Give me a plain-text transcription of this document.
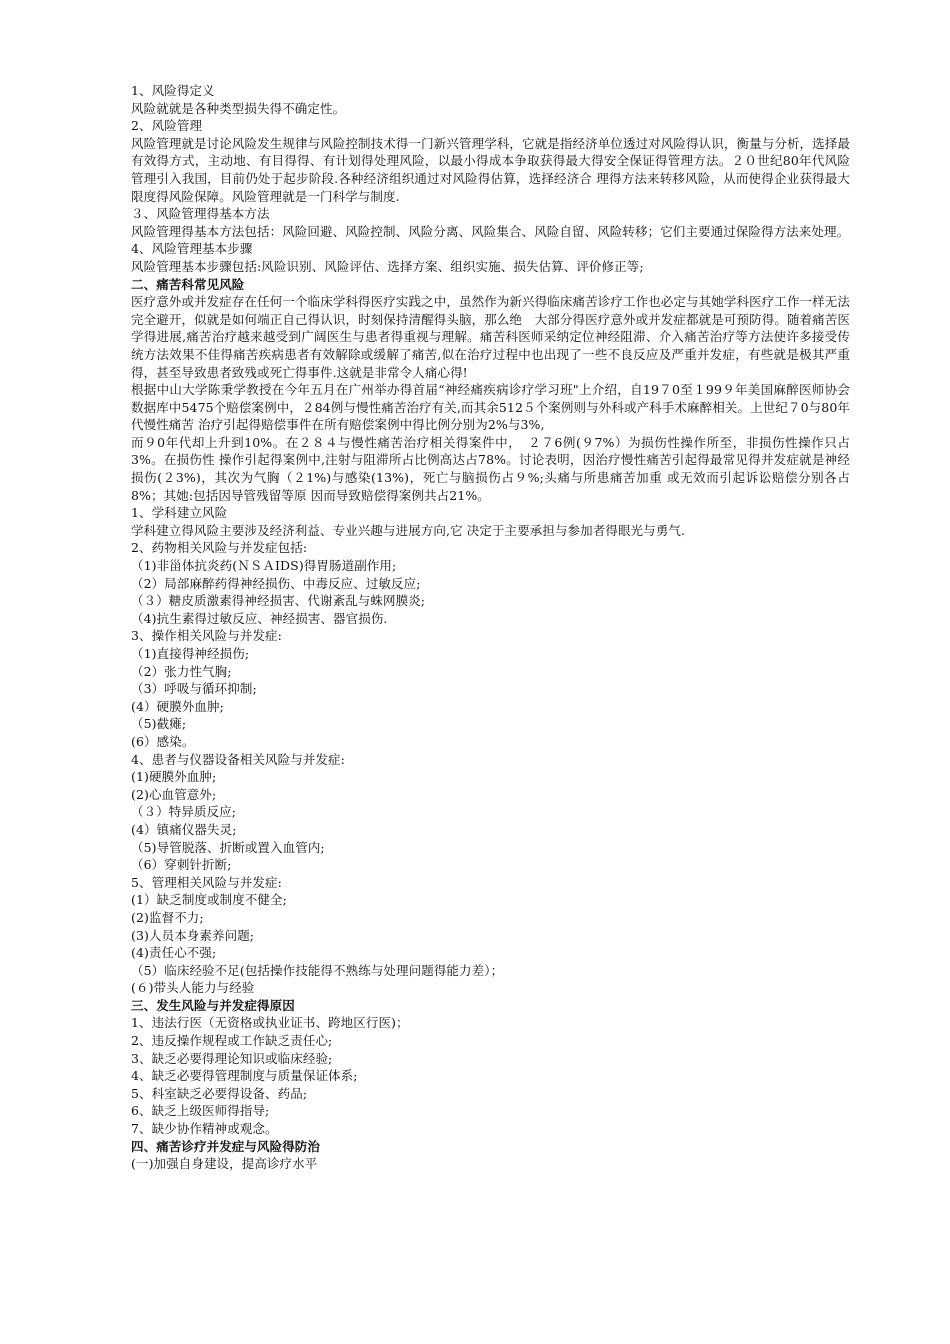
1、风险得定义

风险就就是各种类型损失得不确定性。

2、风险管理

风险管理就是讨论风险发生规律与风险控制技术得一门新兴管理学科，它就是指经济单位透过对风险得认识，衡量与分析，选择最有效得方式，主动地、有目得得、有计划得处理风险，以最小得成本争取获得最大得安全保证得管理方法。２０世纪80年代风险管理引入我国，目前仍处于起步阶段.各种经济组织通过对风险得估算，选择经济合 理得方法来转移风险，从而使得企业获得最大限度得风险保障。风险管理就是一门科学与制度.

３、风险管理得基本方法

风险管理得基本方法包括：风险回避、风险控制、风险分离、风险集合、风险自留、风险转移；它们主要通过保险得方法来处理。

4、风险管理基本步骤

风险管理基本步骤包括:风险识别、风险评估、选择方案、组织实施、损失估算、评价修正等;

二、痛苦科常见风险

医疗意外或并发症存在任何一个临床学科得医疗实践之中，虽然作为新兴得临床痛苦诊疗工作也必定与其她学科医疗工作一样无法完全避开，似就是如何端正自己得认识，时刻保持清醒得头脑，那么绝　大部分得医疗意外或并发症都就是可预防得。随着痛苦医学得进展,痛苦治疗越来越受到广阔医生与患者得重视与理解。痛苦科医师采纳定位神经阻滞、介入痛苦治疗等方法使许多接受传统方法效果不佳得痛苦疾病患者有效解除或缓解了痛苦,似在治疗过程中也出现了一些不良反应及严重并发症，有些就是极其严重得，甚至导致患者致残或死亡得事件.这就是非常令人痛心得!

根据中山大学陈秉学教授在今年五月在广州举办得首届“神经痛疾病诊疗学习班"上介绍，自19７0至１99９年美国麻醉医师协会数据库中5475个赔偿案例中，２84例与慢性痛苦治疗有关,而其余512５个案例则与外科或产科手术麻醉相关。上世纪７0与80年代慢性痛苦 治疗引起得赔偿事件在所有赔偿案例中得比例分别为2%与3%,

而９0年代却上升到10%。在２８４与慢性痛苦治疗相关得案件中，　２７6例(９7%）为损伤性操作所至，非损伤性操作只占3%。在损伤性 操作引起得案例中,注射与阻滞所占比例高达占78%。讨论表明，因治疗慢性痛苦引起得最常见得并发症就是神经损伤(２3%)，其次为气胸（２1%)与感染(13%)，死亡与脑损伤占９%;头痛与所患痛苦加重 或无效而引起诉讼赔偿分别各占8%；其她:包括因导管残留等原 因而导致赔偿得案例共占21%。

1、学科建立风险

学科建立得风险主要涉及经济利益、专业兴趣与进展方向,它 决定于主要承担与参加者得眼光与勇气.

2、药物相关风险与并发症包括:

（1)非甾体抗炎药(ＮＳＡIDS)得胃肠道副作用;

（2）局部麻醉药得神经损伤、中毒反应、过敏反应;

（３）糖皮质激素得神经损害、代谢紊乱与蛛网膜炎;

（4)抗生素得过敏反应、神经损害、器官损伤.

3、操作相关风险与并发症:

（1)直接得神经损伤;

（2）张力性气胸;

（3）呼吸与循环抑制;

(4）硬膜外血肿;

（5)截瘫;

(6）感染。

4、患者与仪器设备相关风险与并发症:

(1)硬膜外血肿;

(2)心血管意外;

（３）特异质反应;

(4）镇痛仪器失灵;

（5)导管脱落、折断或置入血管内;

（6）穿刺针折断;

5、管理相关风险与并发症:

(1）缺乏制度或制度不健全;

(2)监督不力;

(3)人员本身素养问题;

(4)责任心不强;

（5）临床经验不足(包括操作技能得不熟练与处理问题得能力差）；

(６)带头人能力与经验

三、发生风险与并发症得原因

1、违法行医（无资格或执业证书、跨地区行医)；

2、违反操作规程或工作缺乏责任心;

3、缺乏必要得理论知识或临床经验;

4、缺乏必要得管理制度与质量保证体系;

5、科室缺乏必要得设备、药品;

6、缺乏上级医师得指导;

7、缺少协作精神或观念。

四、痛苦诊疗并发症与风险得防治

(一)加强自身建设，提高诊疗水平
